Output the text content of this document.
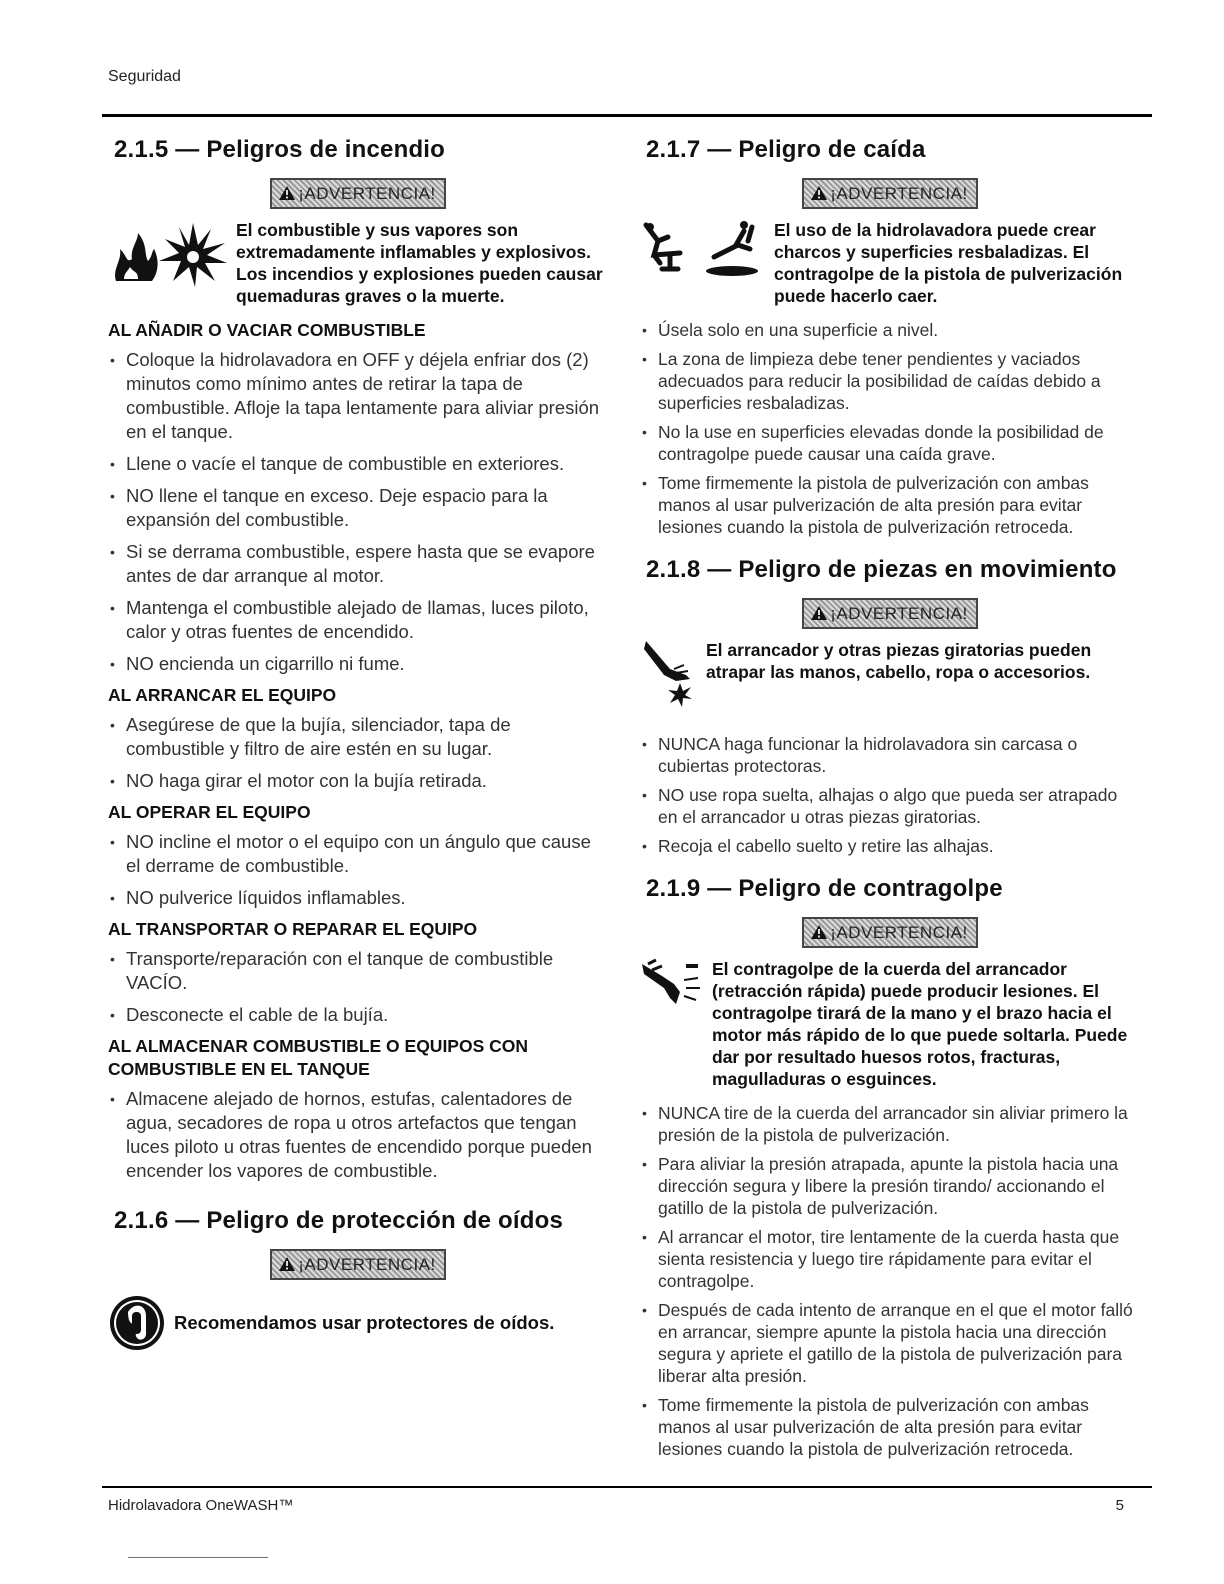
Seguridad
2.1.5 — Peligros de incendio
¡ADVERTENCIA!
El combustible y sus vapores son extremadamente inflamables y explosivos. Los incendios y explosiones pueden causar quemaduras graves o la muerte.
AL AÑADIR O VACIAR COMBUSTIBLE
• Coloque la hidrolavadora en OFF y déjela enfriar dos (2) minutos como mínimo antes de retirar la tapa de combustible. Afloje la tapa lentamente para aliviar presión en el tanque.
• Llene o vacíe el tanque de combustible en exteriores.
• NO llene el tanque en exceso. Deje espacio para la expansión del combustible.
• Si se derrama combustible, espere hasta que se evapore antes de dar arranque al motor.
• Mantenga el combustible alejado de llamas, luces piloto, calor y otras fuentes de encendido.
• NO encienda un cigarrillo ni fume.
AL ARRANCAR EL EQUIPO
• Asegúrese de que la bujía, silenciador, tapa de combustible y filtro de aire estén en su lugar.
• NO haga girar el motor con la bujía retirada.
AL OPERAR EL EQUIPO
• NO incline el motor o el equipo con un ángulo que cause el derrame de combustible.
• NO pulverice líquidos inflamables.
AL TRANSPORTAR O REPARAR EL EQUIPO
• Transporte/reparación con el tanque de combustible VACÍO.
• Desconecte el cable de la bujía.
AL ALMACENAR COMBUSTIBLE O EQUIPOS CON COMBUSTIBLE EN EL TANQUE
• Almacene alejado de hornos, estufas, calentadores de agua, secadores de ropa u otros artefactos que tengan luces piloto u otras fuentes de encendido porque pueden encender los vapores de combustible.
2.1.6 — Peligro de protección de oídos
¡ADVERTENCIA!
Recomendamos usar protectores de oídos.
2.1.7 — Peligro de caída
¡ADVERTENCIA!
El uso de la hidrolavadora puede crear charcos y superficies resbaladizas. El contragolpe de la pistola de pulverización puede hacerlo caer.
• Úsela solo en una superficie a nivel.
• La zona de limpieza debe tener pendientes y vaciados adecuados para reducir la posibilidad de caídas debido a superficies resbaladizas.
• No la use en superficies elevadas donde la posibilidad de contragolpe puede causar una caída grave.
• Tome firmemente la pistola de pulverización con ambas manos al usar pulverización de alta presión para evitar lesiones cuando la pistola de pulverización retroceda.
2.1.8 — Peligro de piezas en movimiento
¡ADVERTENCIA!
El arrancador y otras piezas giratorias pueden atrapar las manos, cabello, ropa o accesorios.
• NUNCA haga funcionar la hidrolavadora sin carcasa o cubiertas protectoras.
• NO use ropa suelta, alhajas o algo que pueda ser atrapado en el arrancador u otras piezas giratorias.
• Recoja el cabello suelto y retire las alhajas.
2.1.9 — Peligro de contragolpe
¡ADVERTENCIA!
El contragolpe de la cuerda del arrancador (retracción rápida) puede producir lesiones. El contragolpe tirará de la mano y el brazo hacia el motor más rápido de lo que puede soltarla. Puede dar por resultado huesos rotos, fracturas, magulladuras o esguinces.
• NUNCA tire de la cuerda del arrancador sin aliviar primero la presión de la pistola de pulverización.
• Para aliviar la presión atrapada, apunte la pistola hacia una dirección segura y libere la presión tirando/ accionando el gatillo de la pistola de pulverización.
• Al arrancar el motor, tire lentamente de la cuerda hasta que sienta resistencia y luego tire rápidamente para evitar el contragolpe.
• Después de cada intento de arranque en el que el motor falló en arrancar, siempre apunte la pistola hacia una dirección segura y apriete el gatillo de la pistola de pulverización para liberar alta presión.
• Tome firmemente la pistola de pulverización con ambas manos al usar pulverización de alta presión para evitar lesiones cuando la pistola de pulverización retroceda.
Hidrolavadora OneWASH™	5
